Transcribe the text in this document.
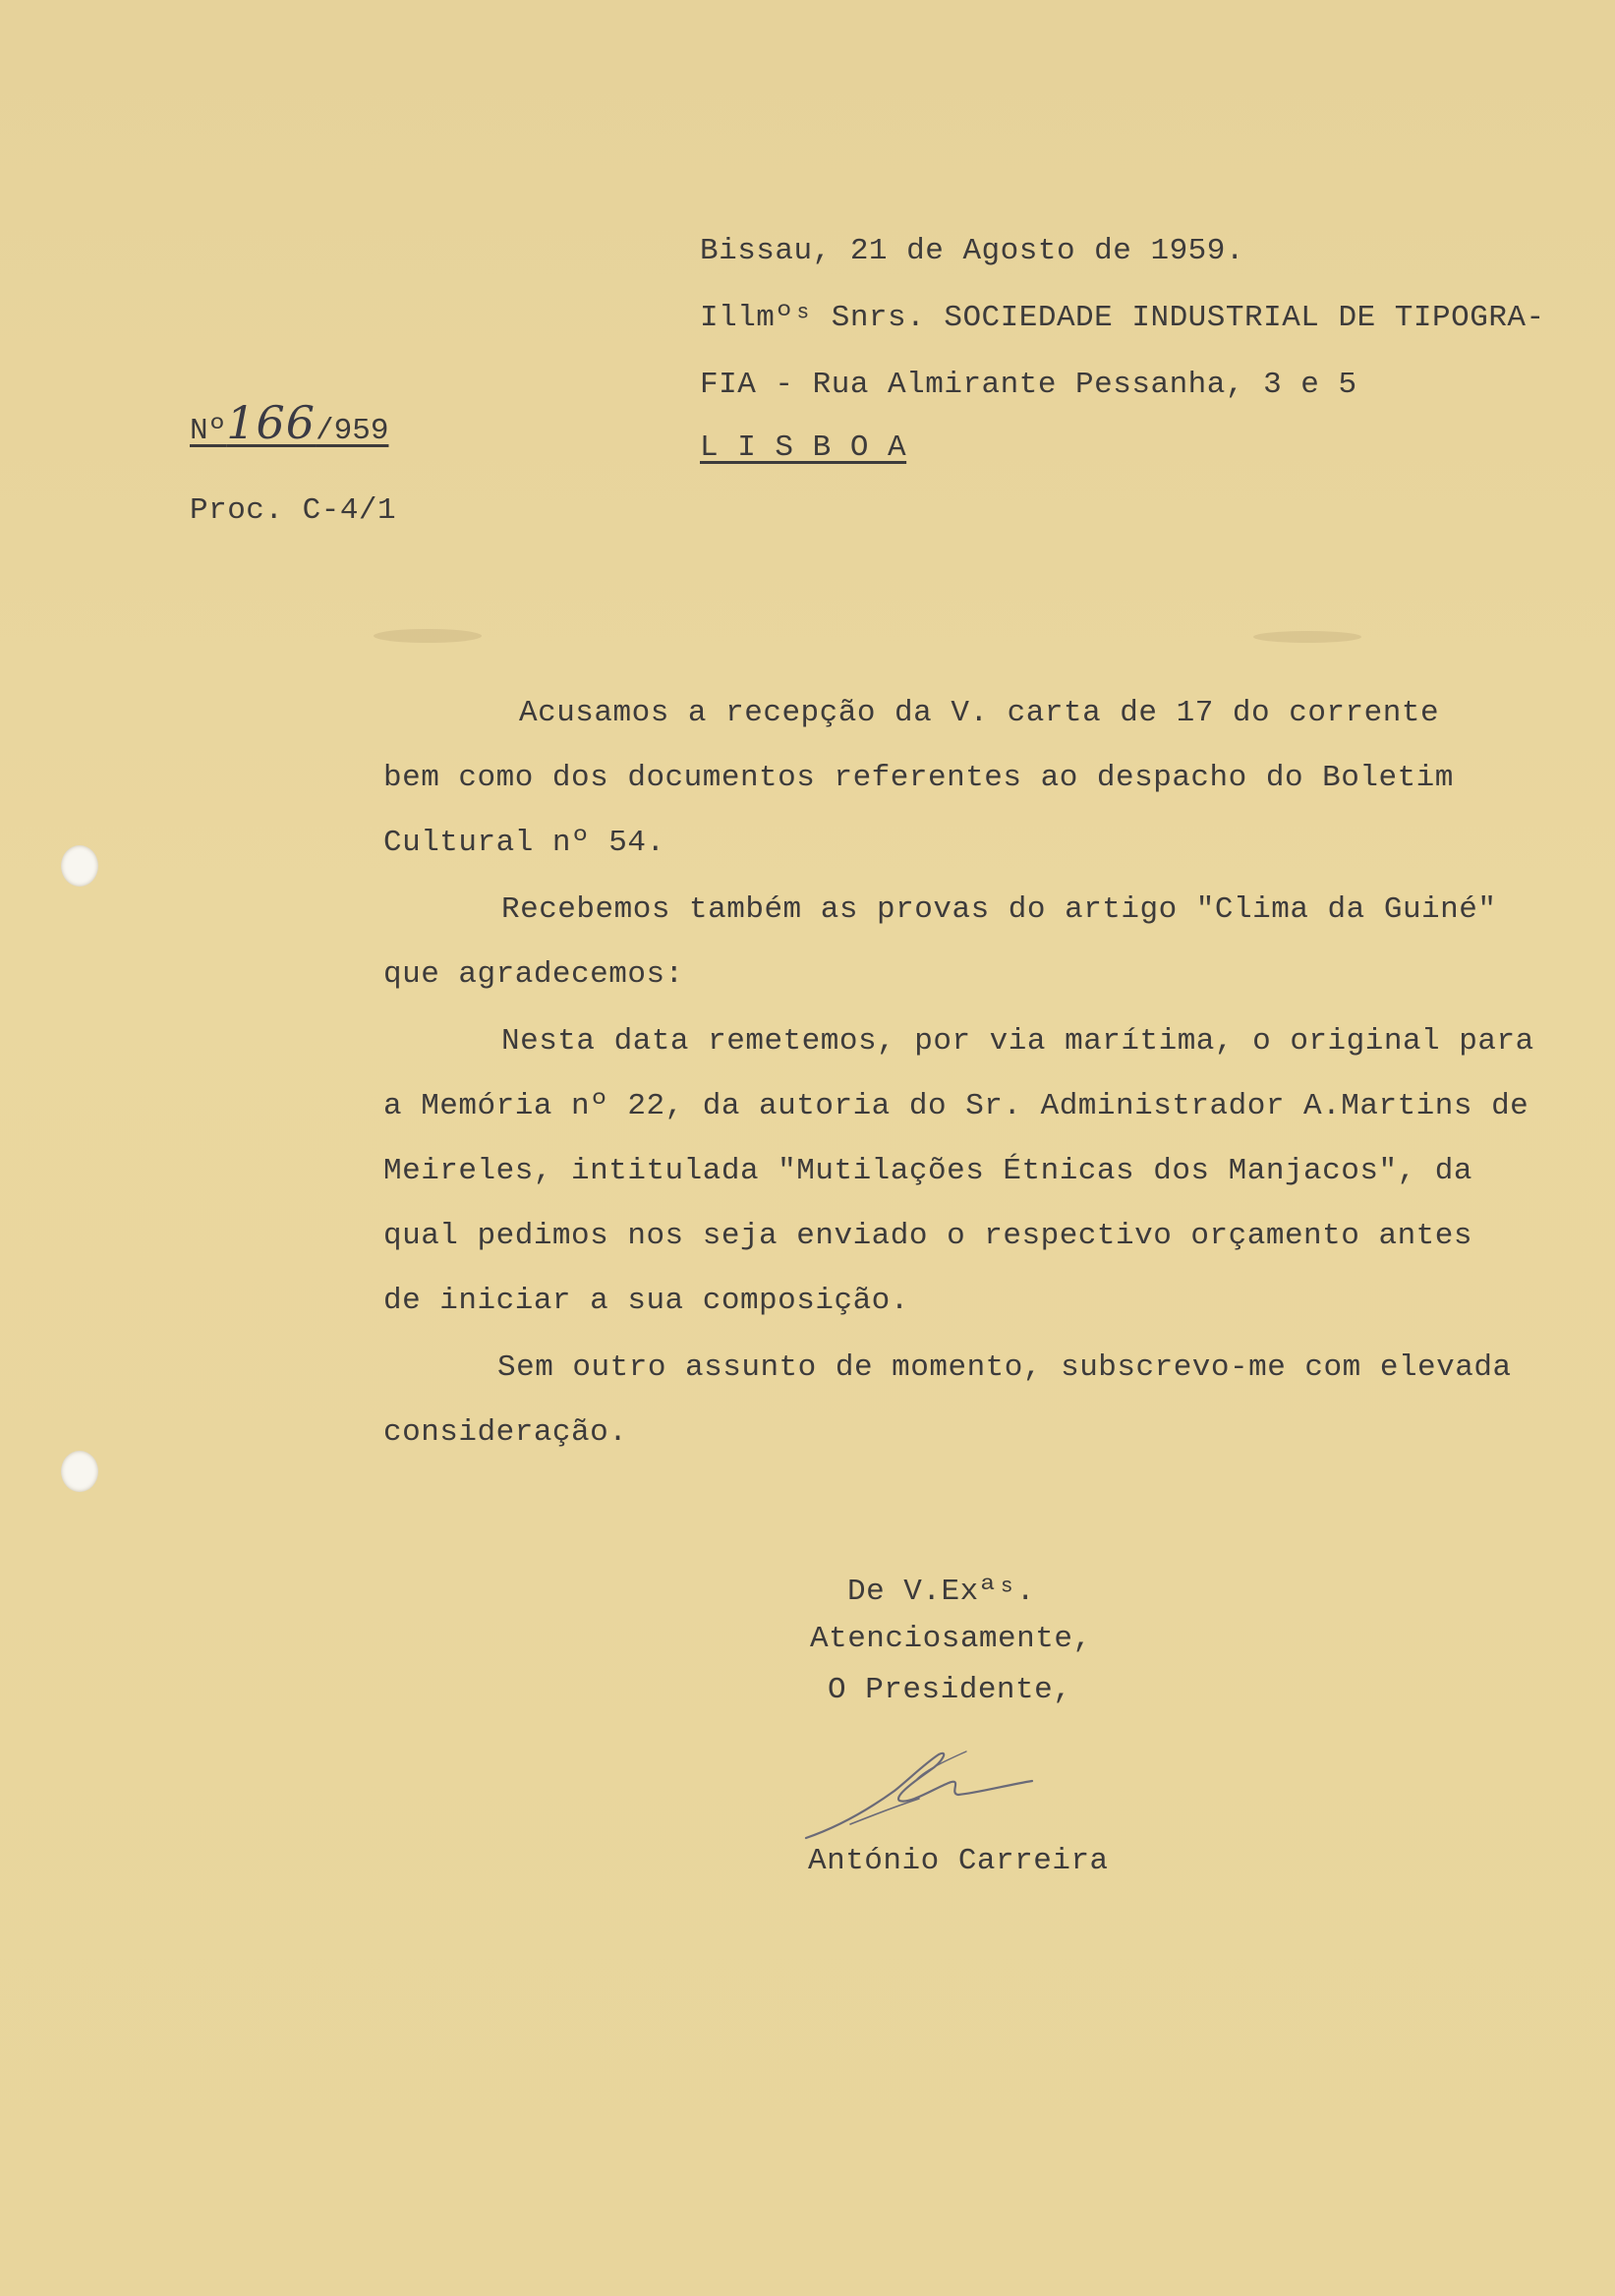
Bissau, 21 de Agosto de 1959.
Illmºˢ Snrs. SOCIEDADE INDUSTRIAL DE TIPOGRA-
FIA - Rua Almirante Pessanha, 3 e 5
L I S B O A
Nº166/959
Proc. C-4/1
Acusamos a recepção da V. carta de 17 do corrente
bem como dos documentos referentes ao despacho do Boletim
Cultural nº 54.
Recebemos também as provas do artigo "Clima da Guiné"
que agradecemos:
Nesta data remetemos, por via marítima, o original para
a Memória nº 22, da autoria do Sr. Administrador A.Martins de
Meireles, intitulada "Mutilações Étnicas dos Manjacos", da
qual pedimos nos seja enviado o respectivo orçamento antes
de iniciar a sua composição.
Sem outro assunto de momento, subscrevo-me com elevada
consideração.
De V.Exªˢ.
Atenciosamente,
O Presidente,
António Carreira
